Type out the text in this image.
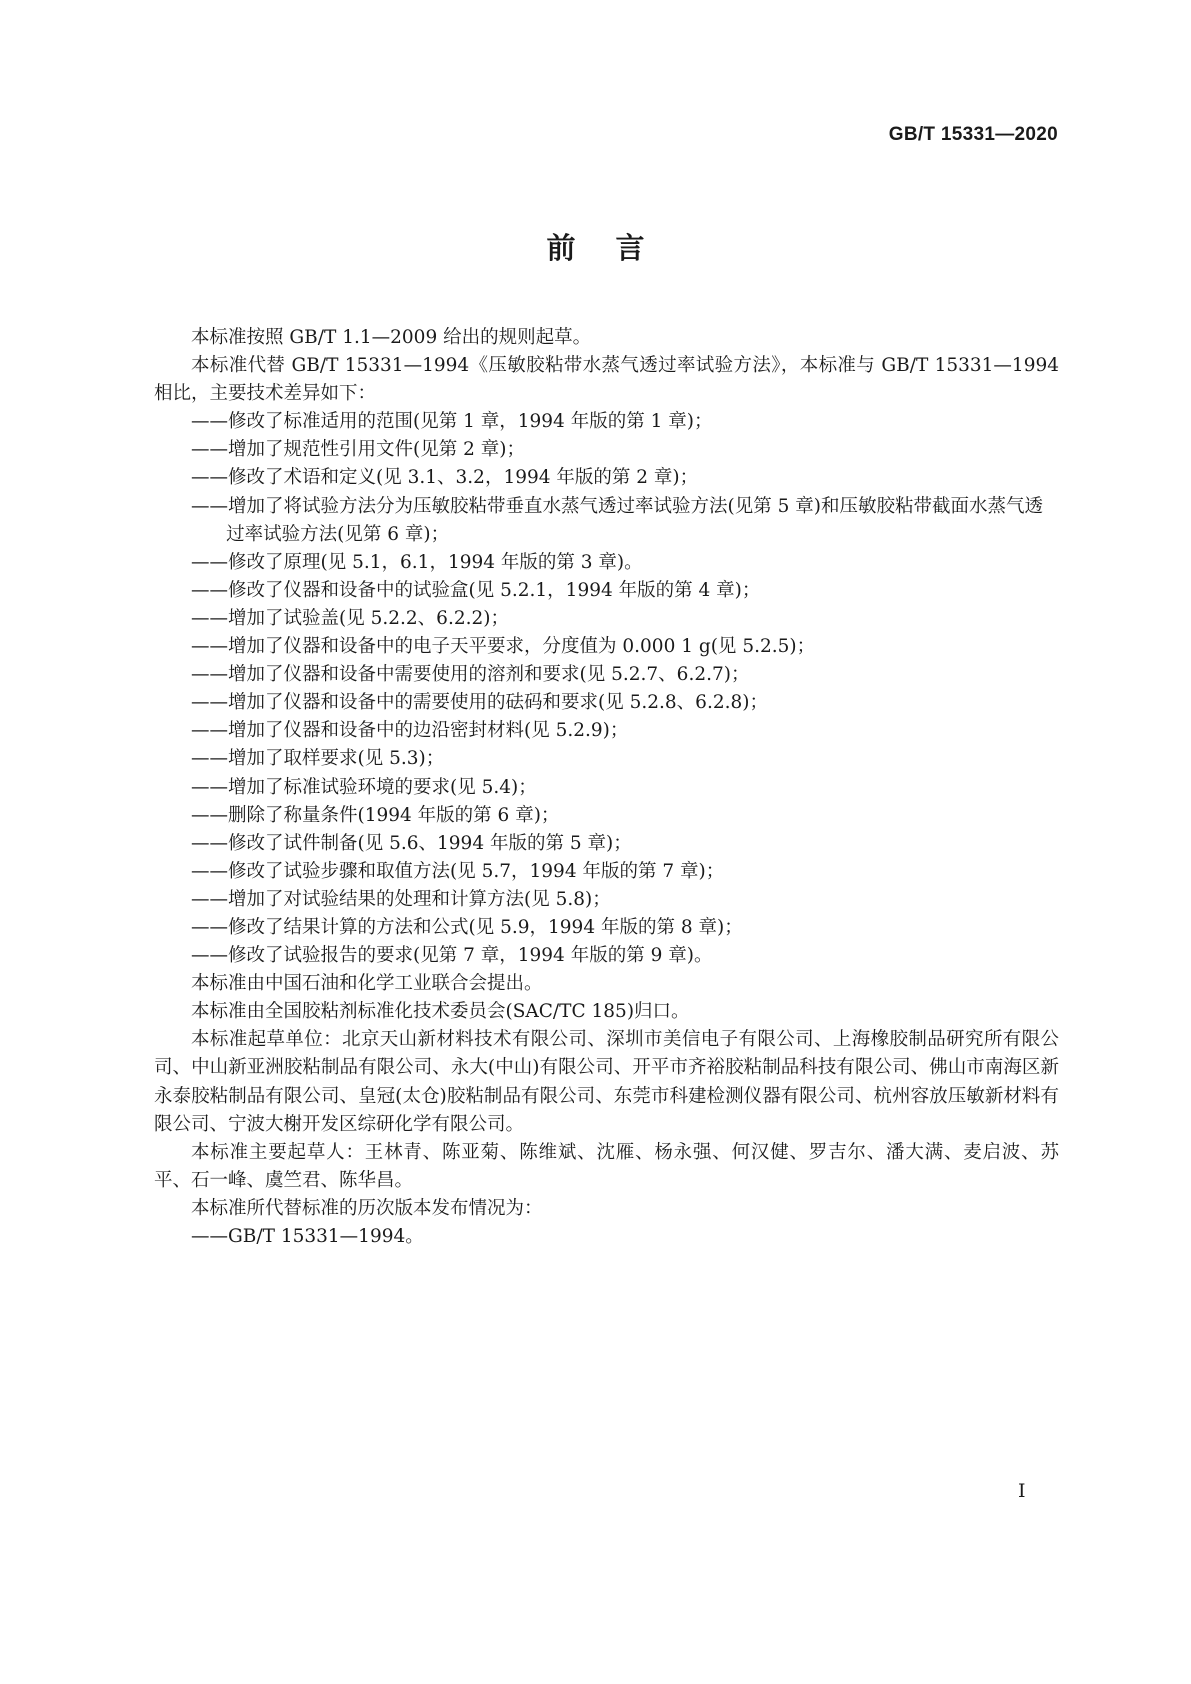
GB/T 15331—2020
前言

本标准按照 GB/T 1.1—2009 给出的规则起草。

本标准代替 GB/T 15331—1994《压敏胶粘带水蒸气透过率试验方法》，本标准与 GB/T 15331—1994 相比，主要技术差异如下：

——修改了标准适用的范围(见第 1 章，1994 年版的第 1 章)；

——增加了规范性引用文件(见第 2 章)；

——修改了术语和定义(见 3.1、3.2，1994 年版的第 2 章)；

——增加了将试验方法分为压敏胶粘带垂直水蒸气透过率试验方法(见第 5 章)和压敏胶粘带截面水蒸气透过率试验方法(见第 6 章)；

——修改了原理(见 5.1，6.1，1994 年版的第 3 章)。

——修改了仪器和设备中的试验盒(见 5.2.1，1994 年版的第 4 章)；

——增加了试验盖(见 5.2.2、6.2.2)；

——增加了仪器和设备中的电子天平要求，分度值为 0.000 1 g(见 5.2.5)；

——增加了仪器和设备中需要使用的溶剂和要求(见 5.2.7、6.2.7)；

——增加了仪器和设备中的需要使用的砝码和要求(见 5.2.8、6.2.8)；

——增加了仪器和设备中的边沿密封材料(见 5.2.9)；

——增加了取样要求(见 5.3)；

——增加了标准试验环境的要求(见 5.4)；

——删除了称量条件(1994 年版的第 6 章)；

——修改了试件制备(见 5.6、1994 年版的第 5 章)；

——修改了试验步骤和取值方法(见 5.7，1994 年版的第 7 章)；

——增加了对试验结果的处理和计算方法(见 5.8)；

——修改了结果计算的方法和公式(见 5.9，1994 年版的第 8 章)；

——修改了试验报告的要求(见第 7 章，1994 年版的第 9 章)。

本标准由中国石油和化学工业联合会提出。

本标准由全国胶粘剂标准化技术委员会(SAC/TC 185)归口。

本标准起草单位：北京天山新材料技术有限公司、深圳市美信电子有限公司、上海橡胶制品研究所有限公司、中山新亚洲胶粘制品有限公司、永大(中山)有限公司、开平市齐裕胶粘制品科技有限公司、佛山市南海区新永泰胶粘制品有限公司、皇冠(太仓)胶粘制品有限公司、东莞市科建检测仪器有限公司、杭州容放压敏新材料有限公司、宁波大榭开发区综研化学有限公司。

本标准主要起草人：王林青、陈亚菊、陈维斌、沈雁、杨永强、何汉健、罗吉尔、潘大满、麦启波、苏平、石一峰、虞竺君、陈华昌。

本标准所代替标准的历次版本发布情况为：

——GB/T 15331—1994。

I
